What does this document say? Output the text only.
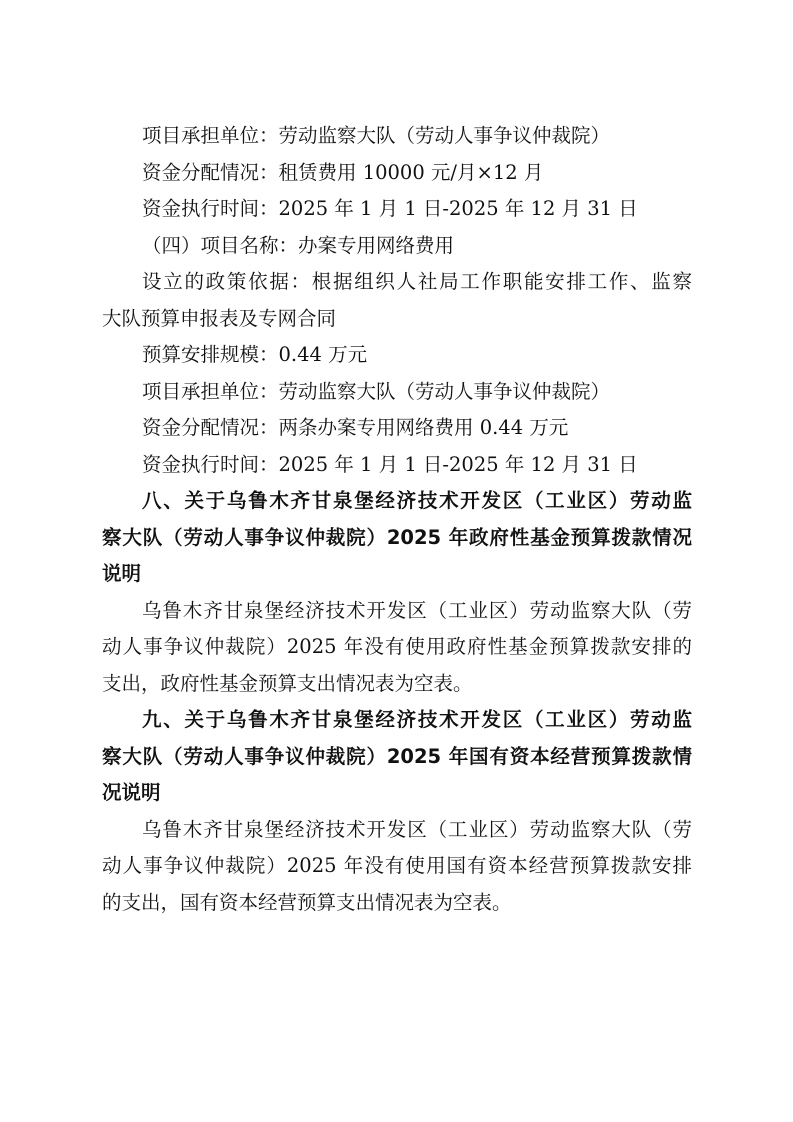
项目承担单位：劳动监察大队（劳动人事争议仲裁院）
资金分配情况：租赁费用 10000 元/月×12 月
资金执行时间：2025 年 1 月 1 日-2025 年 12 月 31 日
（四）项目名称：办案专用网络费用
设立的政策依据：根据组织人社局工作职能安排工作、监察
大队预算申报表及专网合同
预算安排规模：0.44 万元
项目承担单位：劳动监察大队（劳动人事争议仲裁院）
资金分配情况：两条办案专用网络费用 0.44 万元
资金执行时间：2025 年 1 月 1 日-2025 年 12 月 31 日
八、关于乌鲁木齐甘泉堡经济技术开发区（工业区）劳动监
察大队（劳动人事争议仲裁院）2025 年政府性基金预算拨款情况
说明
乌鲁木齐甘泉堡经济技术开发区（工业区）劳动监察大队（劳
动人事争议仲裁院）2025 年没有使用政府性基金预算拨款安排的
支出，政府性基金预算支出情况表为空表。
九、关于乌鲁木齐甘泉堡经济技术开发区（工业区）劳动监
察大队（劳动人事争议仲裁院）2025 年国有资本经营预算拨款情
况说明
乌鲁木齐甘泉堡经济技术开发区（工业区）劳动监察大队（劳
动人事争议仲裁院）2025 年没有使用国有资本经营预算拨款安排
的支出，国有资本经营预算支出情况表为空表。
